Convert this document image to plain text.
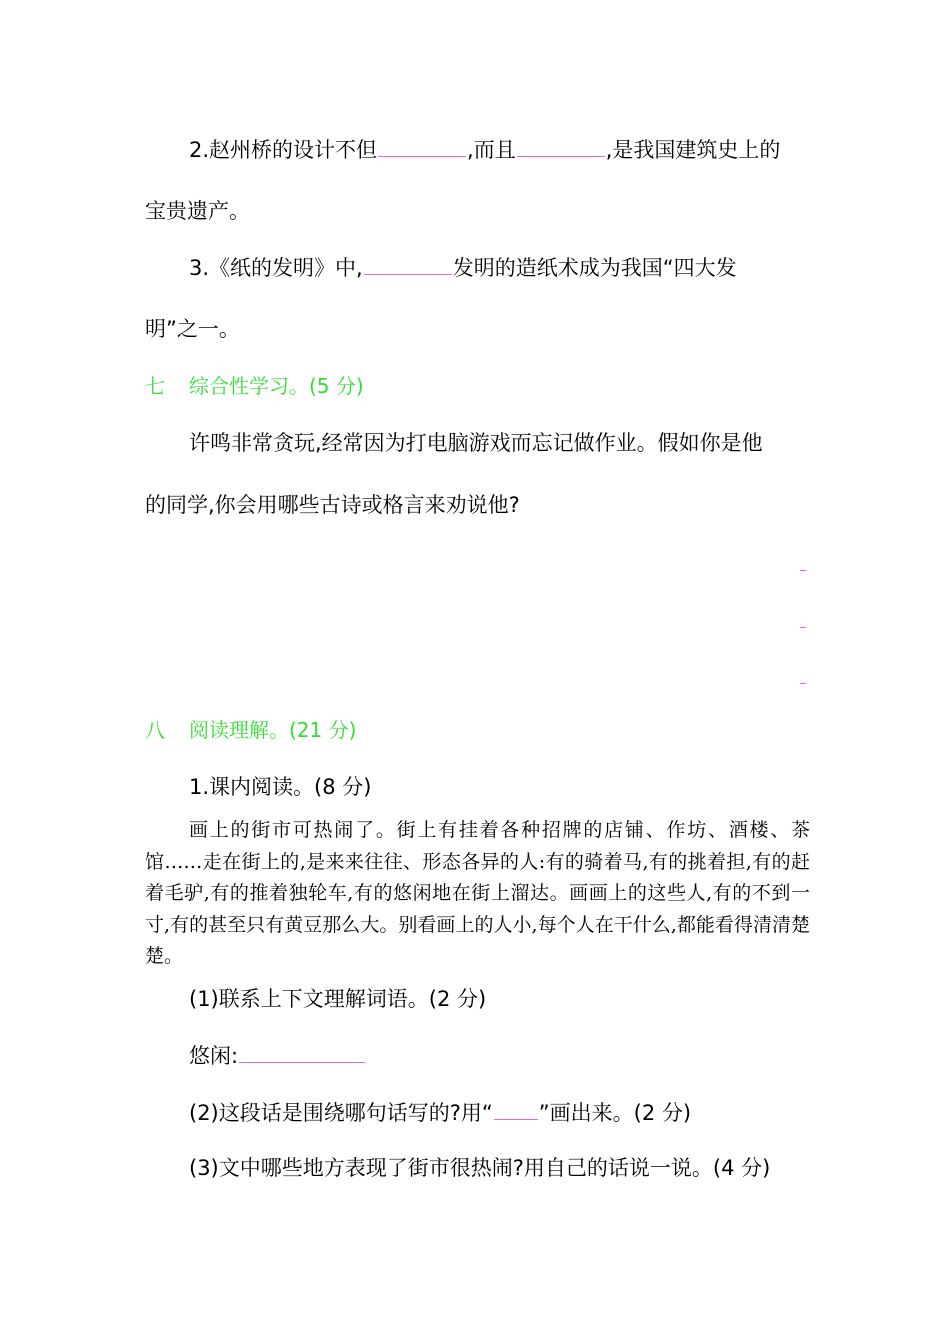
2.赵州桥的设计不但	,而且	,是我国建筑史上的
宝贵遗产。
3.《纸的发明》中,	发明的造纸术成为我国“四大发
明”之一。
七 综合性学习。(5 分)
许鸣非常贪玩,经常因为打电脑游戏而忘记做作业。假如你是他
的同学,你会用哪些古诗或格言来劝说他?
八 阅读理解。(21 分)
1.课内阅读。(8 分)
画上的街市可热闹了。街上有挂着各种招牌的店铺、作坊、酒楼、茶馆……走在街上的,是来来往往、形态各异的人:有的骑着马,有的挑着担,有的赶着毛驴,有的推着独轮车,有的悠闲地在街上溜达。画画上的这些人,有的不到一寸,有的甚至只有黄豆那么大。别看画上的人小,每个人在干什么,都能看得清清楚楚。
(1)联系上下文理解词语。(2 分)
悠闲:
(2)这段话是围绕哪句话写的?用“ ”画出来。(2 分)
(3)文中哪些地方表现了街市很热闹?用自己的话说一说。(4 分)
